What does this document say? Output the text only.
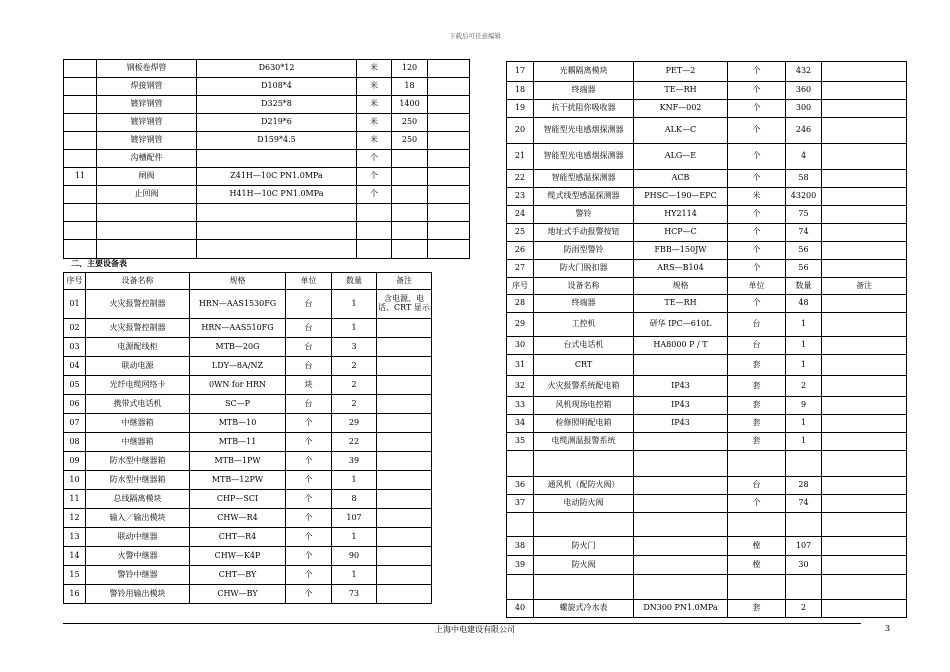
下载后可任意编辑
	钢板卷焊管	D630*12	米	120	
	焊接钢管	D108*4	米	18	
	镀锌钢管	D325*8	米	1400	
	镀锌钢管	D219*6	米	250	
	镀锌钢管	D159*4.5	米	250	
	沟槽配件		个		
11	闸阀	Z41H—10C PN1.0MPa	个		
	止回阀	H41H—10C PN1.0MPa	个		

二、主要设备表
序号	设备名称	规格	单位	数量	备注
01	火灾报警控制器	HRN—AAS1530FG	台	1	含电源、电话、CRT 显示
02	火灾报警控制器	HRN—AAS510FG	台	1	
03	电源配线柜	MTB—20G	台	3	
04	联动电源	LDY—8A/NZ	台	2	
05	光纤电缆网络卡	0WN for HRN	块	2	
06	携带式电话机	SC—P	台	2	
07	中继器箱	MTB—10	个	29	
08	中继器箱	MTB—11	个	22	
09	防水型中继器箱	MTB—1PW	个	39	
10	防水型中继器箱	MTB—12PW	个	1	
11	总线隔离模块	CHP—SCI	个	8	
12	输入／输出模块	CHW—R4	个	107	
13	联动中继器	CHT—R4	个	1	
14	火警中继器	CHW—K4P	个	90	
15	警铃中继器	CHT—BY	个	1	
16	警铃用输出模块	CHW—BY	个	73	
17	光耦隔离模块	PET—2	个	432	
18	终端器	TE—RH	个	360	
19	抗干扰阻你吸收器	KNF—002	个	300	
20	智能型光电感烟探测器	ALK—C	个	246	
21	智能型光电感烟探测器	ALG—E	个	4	
22	智能型感温探测器	ACB	个	58	
23	缆式线型感温探测器	PHSC—190—EPC	米	43200	
24	警铃	HY2114	个	75	
25	地址式手动报警按钮	HCP—C	个	74	
26	防雨型警铃	FBB—150JW	个	56	
27	防火门脱扣器	ARS—B104	个	56	
序号	设备名称	规格	单位	数量	备注
28	终端器	TE—RH	个	48	
29	工控机	研华 IPC—610L	台	1	
30	台式电话机	HA8000 P / T	台	1	
31	CRT		套	1	
32	火灾报警系统配电箱	IP43	套	2	
33	风机现场电控箱	IP43	套	9	
34	检修照明配电箱	IP43	套	1	
35	电缆测温报警系统		套	1	

36	通风机（配防火阀）		台	28	
37	电动防火阀		个	74	

38	防火门		樘	107	
39	防火阀		樘	30	

40	螺旋式冷水表	DN300 PN1.0MPa	套	2	
上海中电建设有限公司	3
